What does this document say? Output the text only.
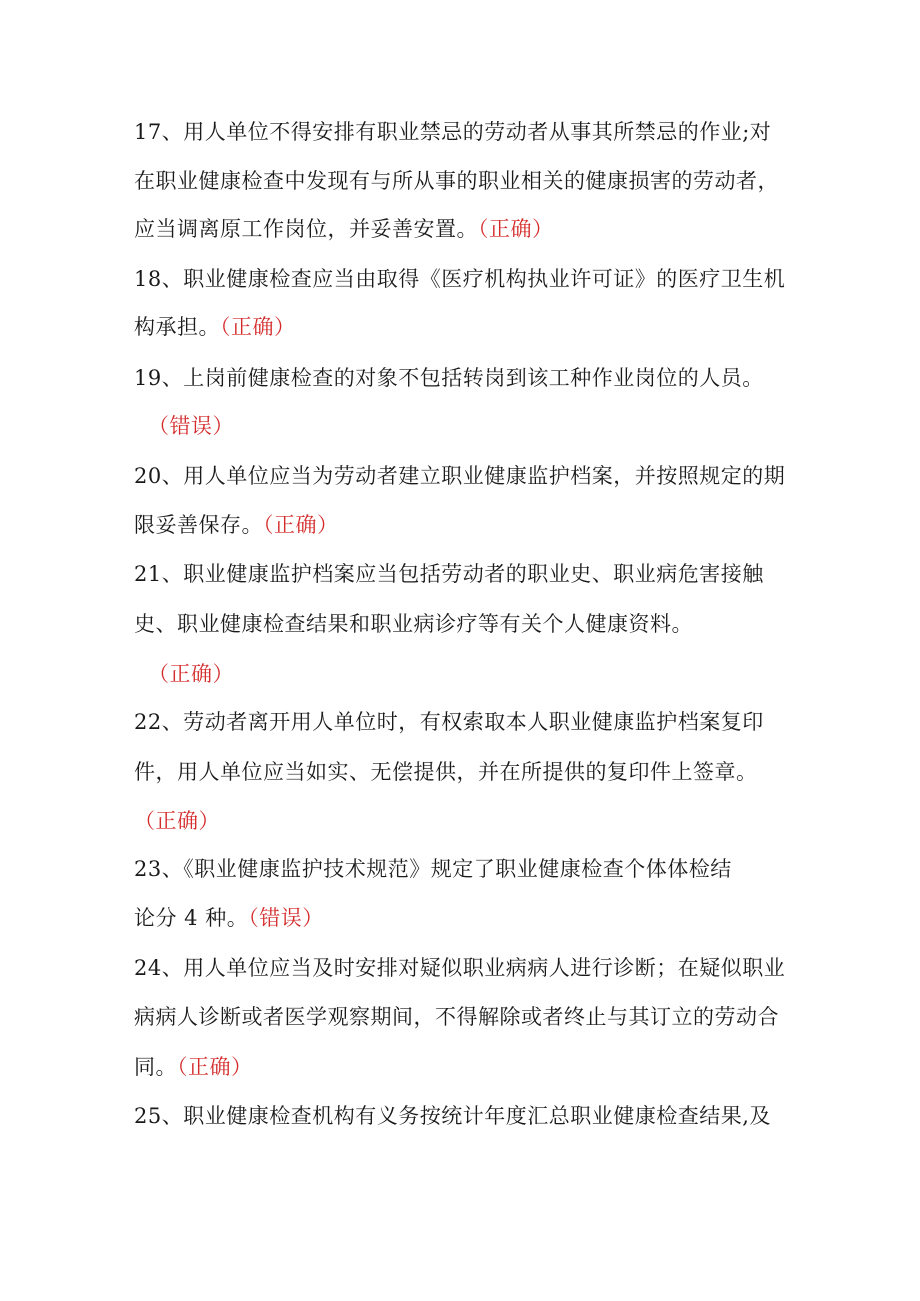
17、用人单位不得安排有职业禁忌的劳动者从事其所禁忌的作业;对
在职业健康检查中发现有与所从事的职业相关的健康损害的劳动者，
应当调离原工作岗位，并妥善安置。（正确）
18、职业健康检查应当由取得《医疗机构执业许可证》的医疗卫生机
构承担。（正确）
19、上岗前健康检查的对象不包括转岗到该工种作业岗位的人员。
（错误）
20、用人单位应当为劳动者建立职业健康监护档案，并按照规定的期
限妥善保存。（正确）
21、职业健康监护档案应当包括劳动者的职业史、职业病危害接触
史、职业健康检查结果和职业病诊疗等有关个人健康资料。
（正确）
22、劳动者离开用人单位时，有权索取本人职业健康监护档案复印
件，用人单位应当如实、无偿提供，并在所提供的复印件上签章。
（正确）
23、《职业健康监护技术规范》规定了职业健康检查个体体检结
论分 4 种。（错误）
24、用人单位应当及时安排对疑似职业病病人进行诊断；在疑似职业
病病人诊断或者医学观察期间，不得解除或者终止与其订立的劳动合
同。（正确）
25、职业健康检查机构有义务按统计年度汇总职业健康检查结果,及
